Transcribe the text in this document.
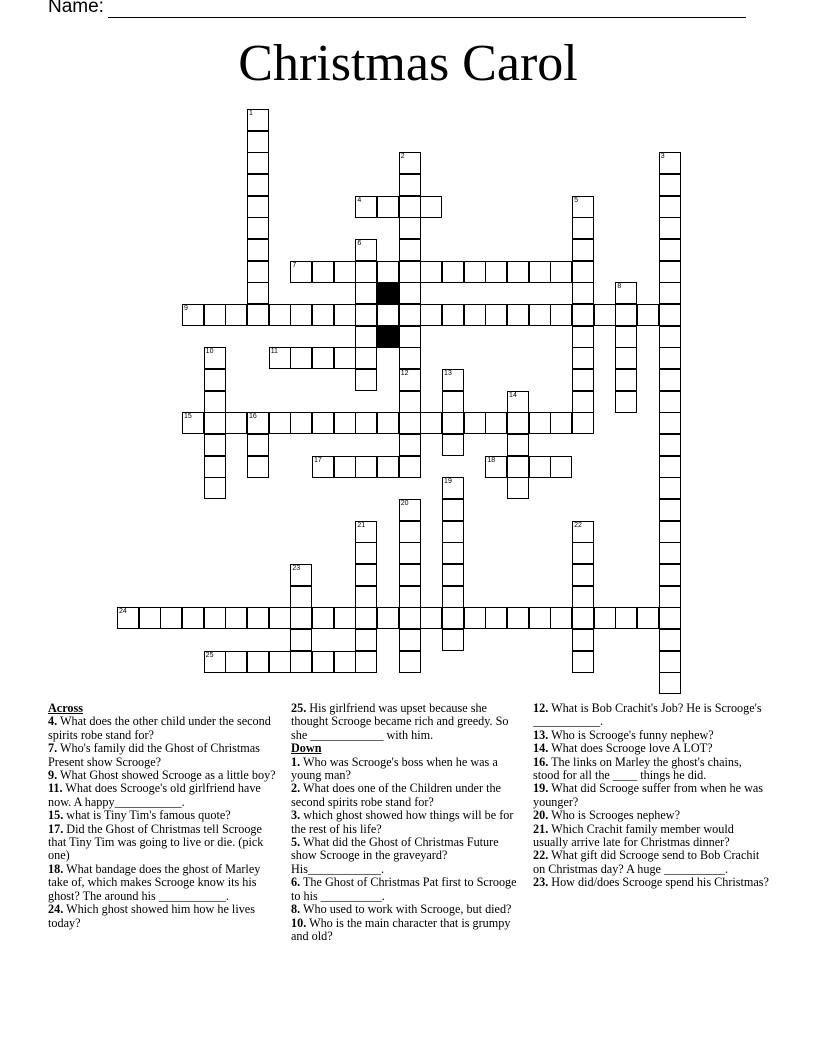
Name:
Christmas Carol
4
7
9
11
15	16
17	18
24
25
1
2
12
3
5
6
8
10
13
14
19
20
21	22
23
Across
4. What does the other child under the second spirits robe stand for?
7. Who's family did the Ghost of Christmas Present show Scrooge?
9. What Ghost showed Scrooge as a little boy?
11. What does Scrooge's old girlfriend have now. A happy___________.
15. what is Tiny Tim's famous quote?
17. Did the Ghost of Christmas tell Scrooge that Tiny Tim was going to live or die. (pick one)
18. What bandage does the ghost of Marley take of, which makes Scrooge know its his ghost? The around his ___________.
24. Which ghost showed him how he lives today?
25. His girlfriend was upset because she thought Scrooge became rich and greedy. So she ____________ with him.
Down
1. Who was Scrooge's boss when he was a young man?
2. What does one of the Children under the second spirits robe stand for?
3. which ghost showed how things will be for the rest of his life?
5. What did the Ghost of Christmas Future show Scrooge in the graveyard? His____________.
6. The Ghost of Christmas Pat first to Scrooge to his __________.
8. Who used to work with Scrooge, but died?
10. Who is the main character that is grumpy and old?
12. What is Bob Crachit's Job? He is Scrooge's ___________.
13. Who is Scrooge's funny nephew?
14. What does Scrooge love A LOT?
16. The links on Marley the ghost's chains, stood for all the ____ things he did.
19. What did Scrooge suffer from when he was younger?
20. Who is Scrooges nephew?
21. Which Crachit family member would usually arrive late for Christmas dinner?
22. What gift did Scrooge send to Bob Crachit on Christmas day? A huge __________.
23. How did/does Scrooge spend his Christmas?
